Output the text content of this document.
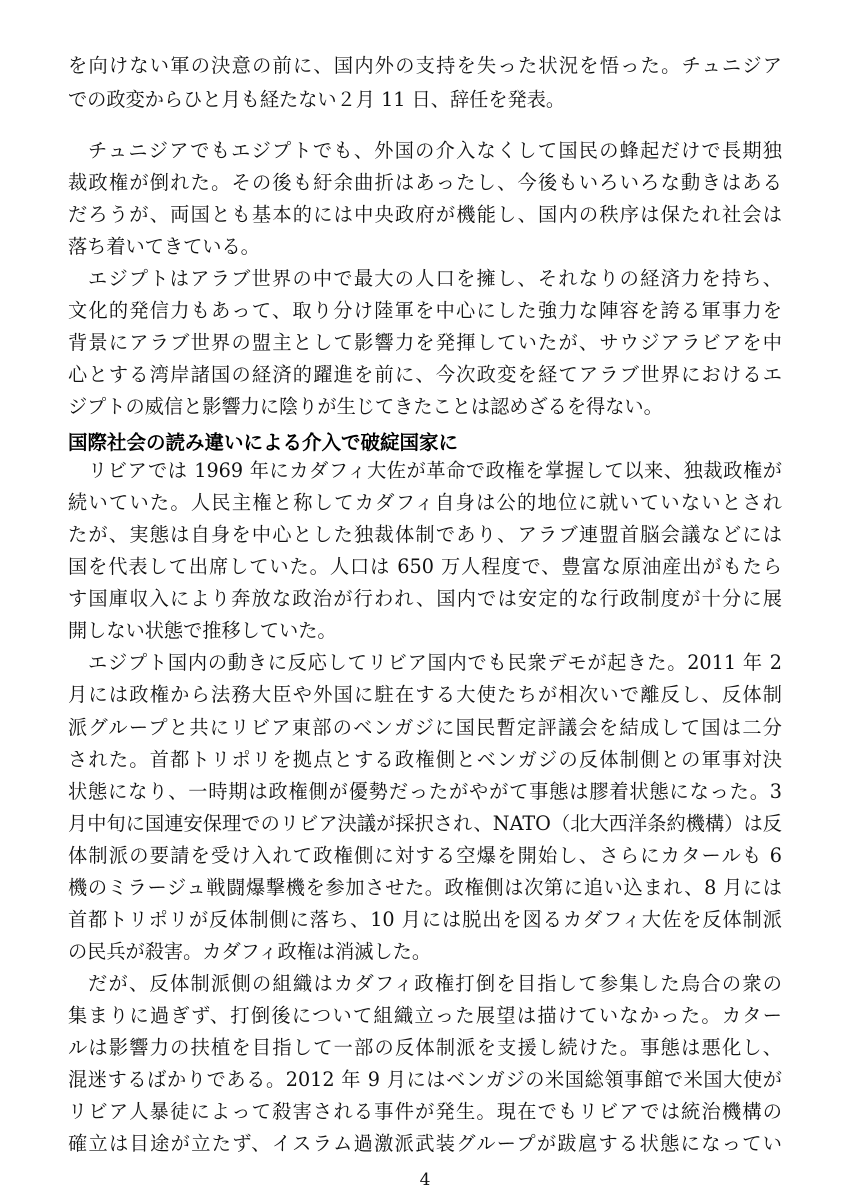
を向けない軍の決意の前に、国内外の支持を失った状況を悟った。チュニジア
での政変からひと月も経たない２月 11 日、辞任を発表。
チュニジアでもエジプトでも、外国の介入なくして国民の蜂起だけで長期独
裁政権が倒れた。その後も紆余曲折はあったし、今後もいろいろな動きはある
だろうが、両国とも基本的には中央政府が機能し、国内の秩序は保たれ社会は
落ち着いてきている。
エジプトはアラブ世界の中で最大の人口を擁し、それなりの経済力を持ち、
文化的発信力もあって、取り分け陸軍を中心にした強力な陣容を誇る軍事力を
背景にアラブ世界の盟主として影響力を発揮していたが、サウジアラビアを中
心とする湾岸諸国の経済的躍進を前に、今次政変を経てアラブ世界におけるエ
ジプトの威信と影響力に陰りが生じてきたことは認めざるを得ない。
国際社会の読み違いによる介入で破綻国家に
リビアでは 1969 年にカダフィ大佐が革命で政権を掌握して以来、独裁政権が
続いていた。人民主権と称してカダフィ自身は公的地位に就いていないとされ
たが、実態は自身を中心とした独裁体制であり、アラブ連盟首脳会議などには
国を代表して出席していた。人口は 650 万人程度で、豊富な原油産出がもたら
す国庫収入により奔放な政治が行われ、国内では安定的な行政制度が十分に展
開しない状態で推移していた。
エジプト国内の動きに反応してリビア国内でも民衆デモが起きた。2011 年 2
月には政権から法務大臣や外国に駐在する大使たちが相次いで離反し、反体制
派グループと共にリビア東部のベンガジに国民暫定評議会を結成して国は二分
された。首都トリポリを拠点とする政権側とベンガジの反体制側との軍事対決
状態になり、一時期は政権側が優勢だったがやがて事態は膠着状態になった。3
月中旬に国連安保理でのリビア決議が採択され、NATO（北大西洋条約機構）は反
体制派の要請を受け入れて政権側に対する空爆を開始し、さらにカタールも 6
機のミラージュ戦闘爆撃機を参加させた。政権側は次第に追い込まれ、8 月には
首都トリポリが反体制側に落ち、10 月には脱出を図るカダフィ大佐を反体制派
の民兵が殺害。カダフィ政権は消滅した。
だが、反体制派側の組織はカダフィ政権打倒を目指して参集した烏合の衆の
集まりに過ぎず、打倒後について組織立った展望は描けていなかった。カター
ルは影響力の扶植を目指して一部の反体制派を支援し続けた。事態は悪化し、
混迷するばかりである。2012 年 9 月にはベンガジの米国総領事館で米国大使が
リビア人暴徒によって殺害される事件が発生。現在でもリビアでは統治機構の
確立は目途が立たず、イスラム過激派武装グループが跋扈する状態になってい
4
